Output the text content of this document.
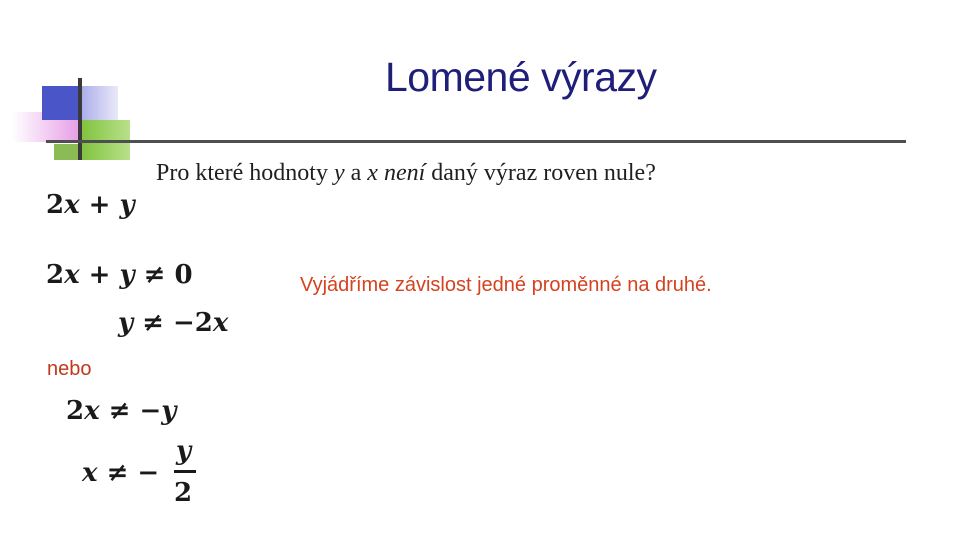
Lomené výrazy
Pro které hodnoty y a x není daný výraz roven nule?
2x + y
2x + y ≠ 0	Vyjádříme závislost jedné proměnné na druhé.
y ≠ −2x
nebo
2x ≠ −y
x ≠ −
y
2
